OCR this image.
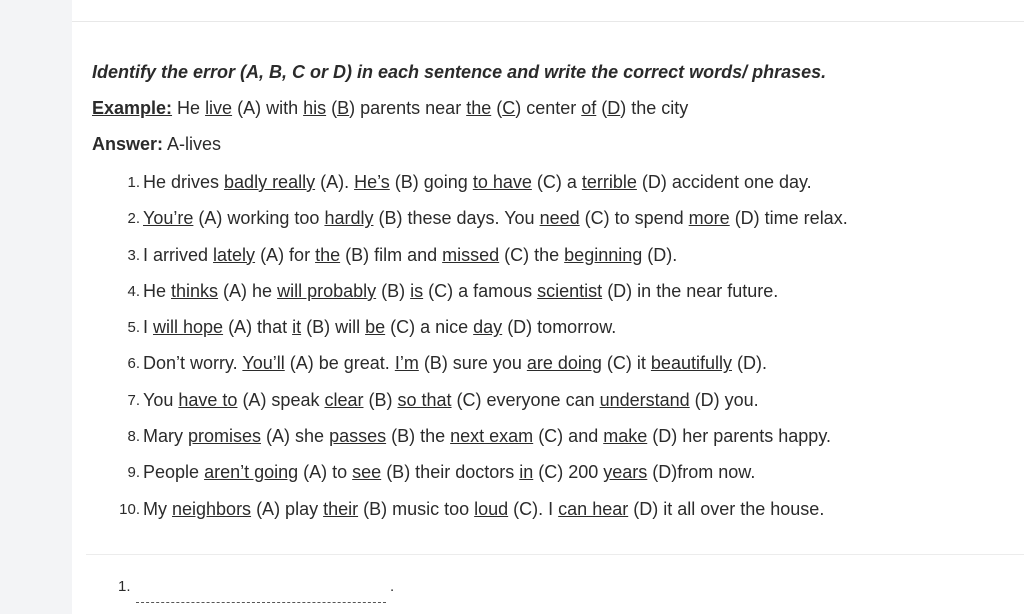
Identify the error (A, B, C or D) in each sentence and write the correct words/ phrases.
Example: He live (A) with his (B) parents near the (C) center of (D) the city
Answer: A-lives
1. He drives badly really (A). He’s (B) going to have (C) a terrible (D) accident one day.
2. You’re (A) working too hardly (B) these days. You need (C) to spend more (D) time relax.
3. I arrived lately (A) for the (B) film and missed (C) the beginning (D).
4. He thinks (A) he will probably (B) is (C) a famous scientist (D) in the near future.
5. I will hope (A) that it (B) will be (C) a nice day (D) tomorrow.
6. Don’t worry. You’ll (A) be great. I’m (B) sure you are doing (C) it beautifully (D).
7. You have to (A) speak clear (B) so that (C) everyone can understand (D) you.
8. Mary promises (A) she passes (B) the next exam (C) and make (D) her parents happy.
9. People aren’t going (A) to see (B) their doctors in (C) 200 years (D)from now.
10. My neighbors (A) play their (B) music too loud (C). I can hear (D) it all over the house.
1.	.
